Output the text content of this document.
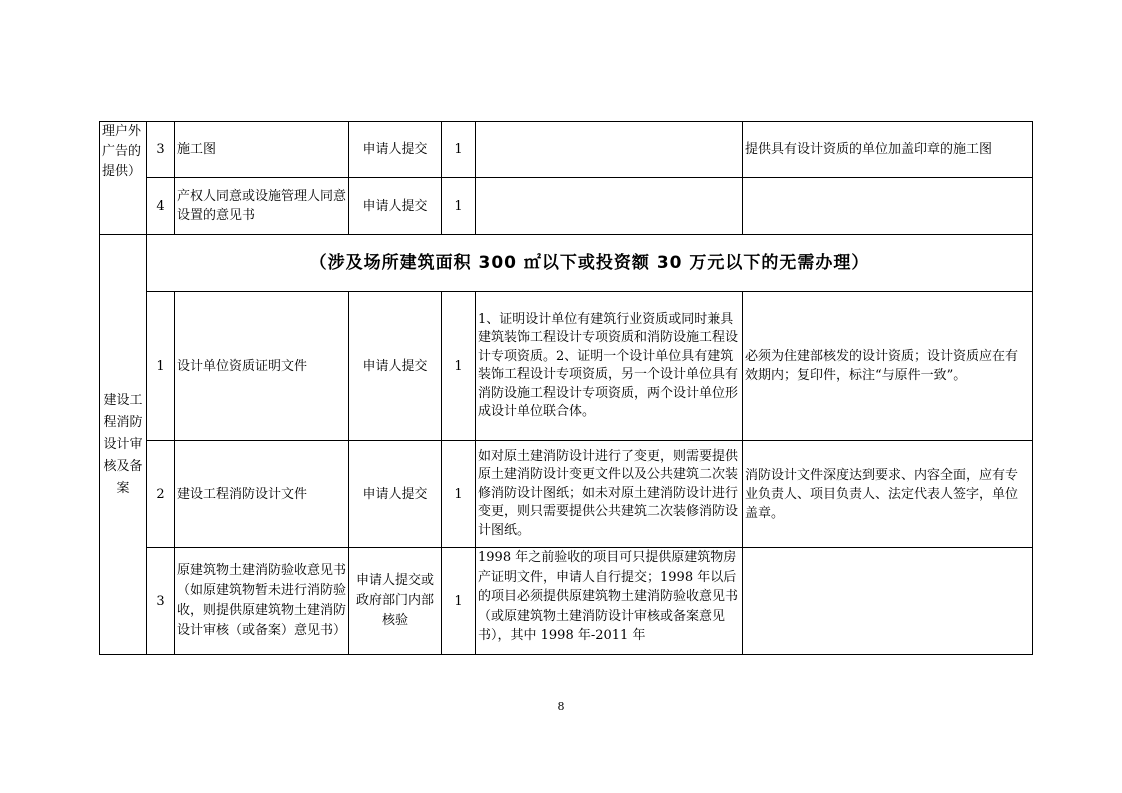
理户外广告的提供）	3	施工图	申请人提交	1		提供具有设计资质的单位加盖印章的施工图
	4	产权人同意或设施管理人同意设置的意见书	申请人提交	1		
建设工程消防设计审核及备案	（涉及场所建筑面积 300 ㎡以下或投资额 30 万元以下的无需办理）					
	1	设计单位资质证明文件	申请人提交	1	1、证明设计单位有建筑行业资质或同时兼具建筑装饰工程设计专项资质和消防设施工程设计专项资质。2、证明一个设计单位具有建筑装饰工程设计专项资质，另一个设计单位具有消防设施工程设计专项资质，两个设计单位形成设计单位联合体。	必须为住建部核发的设计资质；设计资质应在有效期内；复印件，标注“与原件一致”。
	2	建设工程消防设计文件	申请人提交	1	如对原土建消防设计进行了变更，则需要提供原土建消防设计变更文件以及公共建筑二次装修消防设计图纸；如未对原土建消防设计进行变更，则只需要提供公共建筑二次装修消防设计图纸。	消防设计文件深度达到要求、内容全面，应有专业负责人、项目负责人、法定代表人签字，单位盖章。
	3	原建筑物土建消防验收意见书（如原建筑物暂未进行消防验收，则提供原建筑物土建消防设计审核（或备案）意见书）	申请人提交或政府部门内部核验	1	1998 年之前验收的项目可只提供原建筑物房产证明文件，申请人自行提交；1998 年以后的项目必须提供原建筑物土建消防验收意见书（或原建筑物土建消防设计审核或备案意见书），其中 1998 年-2011 年	
8
